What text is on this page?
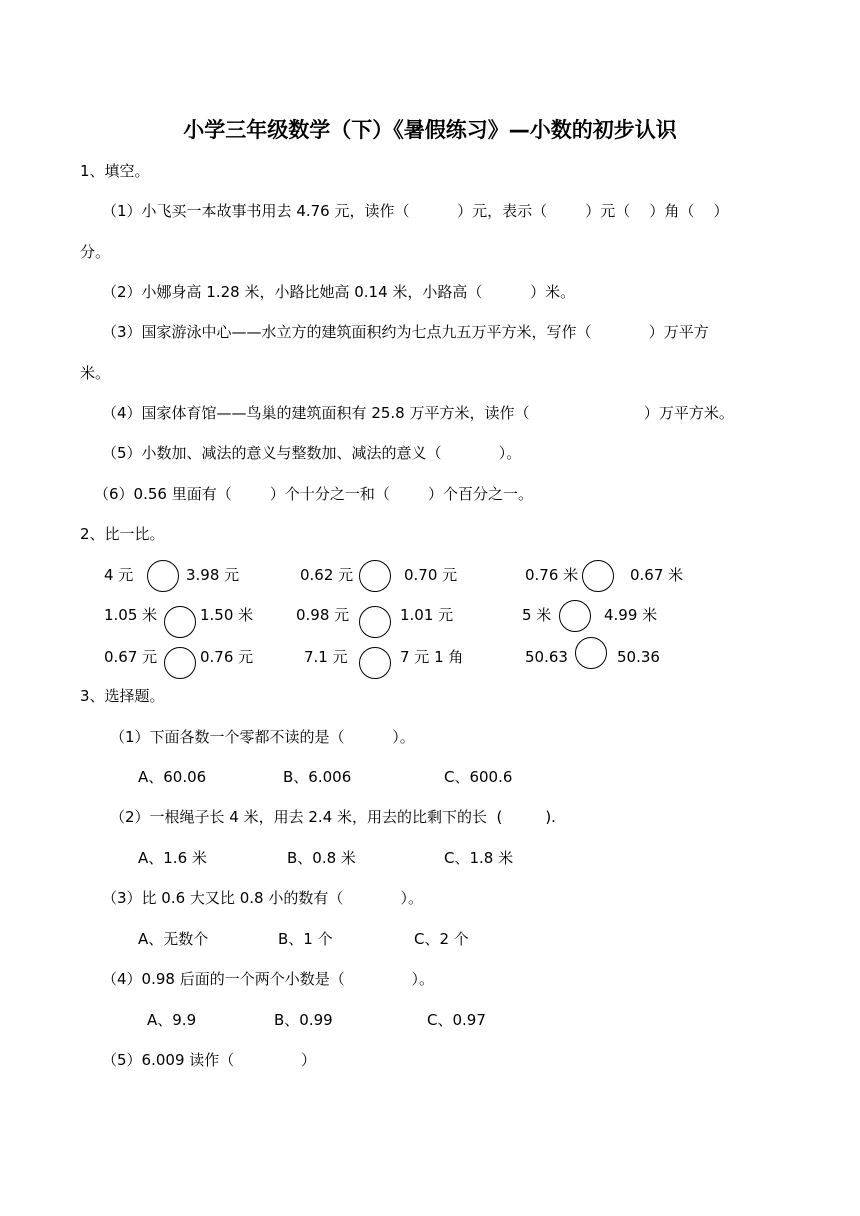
小学三年级数学（下）《暑假练习》—小数的初步认识
1、填空。
（1）小飞买一本故事书用去 4.76 元，读作（          ）元，表示（        ）元（    ）角（    ）
分。
（2）小娜身高 1.28 米，小路比她高 0.14 米，小路高（          ）米。
（3）国家游泳中心——水立方的建筑面积约为七点九五万平方米，写作（            ）万平方
米。
（4）国家体育馆——鸟巢的建筑面积有 25.8 万平方米，读作（                        ）万平方米。
（5）小数加、减法的意义与整数加、减法的意义（            ）。
（6）0.56 里面有（        ）个十分之一和（        ）个百分之一。
2、比一比。
4 元	3.98 元	0.62 元	0.70 元	0.76 米	0.67 米
1.05 米	1.50 米	0.98 元	1.01 元	5 米	4.99 米
0.67 元	0.76 元	7.1 元	7 元 1 角	50.63	50.36
3、选择题。
（1）下面各数一个零都不读的是（          ）。
A、60.06	B、6.006	C、600.6
（2）一根绳子长 4 米，用去 2.4 米，用去的比剩下的长  (         ).
A、1.6 米	B、0.8 米	C、1.8 米
（3）比 0.6 大又比 0.8 小的数有（            ）。
A、无数个	B、1 个	C、2 个
（4）0.98 后面的一个两个小数是（              ）。
A、9.9	B、0.99	C、0.97
（5）6.009 读作（              ）
